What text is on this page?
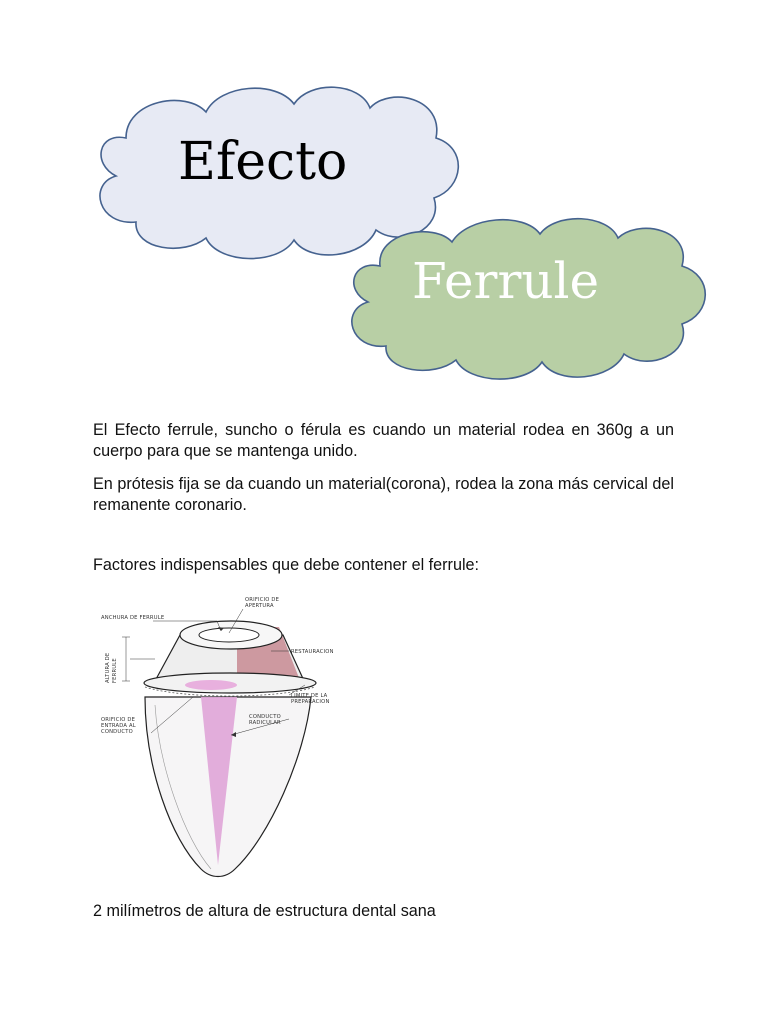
Efecto
Ferrule
El Efecto ferrule, suncho o férula es cuando un material rodea en 360g a un cuerpo para que se mantenga unido.
En prótesis fija se da cuando un material(corona), rodea la zona más cervical del remanente coronario.
Factores indispensables que debe contener el ferrule:
ANCHURA DE FERRULE
ORIFICIO DE
APERTURA
ALTURA DE FERRULE
RESTAURACION
LIMITE DE LA
PREPARACION
CONDUCTO
RADICULAR
ORIFICIO DE
ENTRADA AL
CONDUCTO
2 milímetros de altura de estructura dental sana
